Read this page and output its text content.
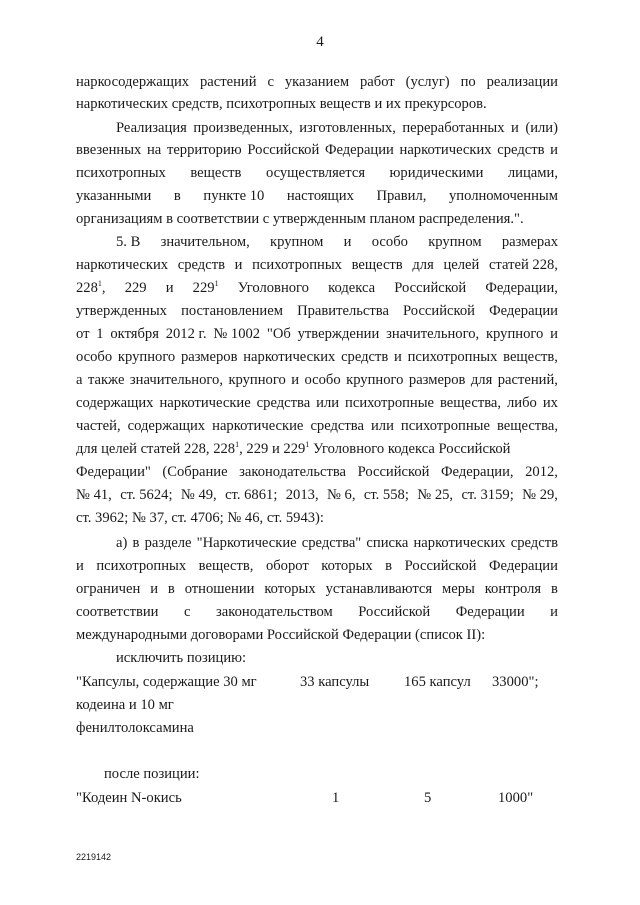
4
наркосодержащих растений с указанием работ (услуг) по реализации
наркотических средств, психотропных веществ и их прекурсоров.
Реализация произведенных, изготовленных, переработанных и (или)
ввезенных на территорию Российской Федерации наркотических средств и
психотропных веществ осуществляется юридическими лицами,
указанными в пункте 10 настоящих Правил, уполномоченным
организациям в соответствии с утвержденным планом распределения.".
5. В значительном, крупном и особо крупном размерах
наркотических средств и психотропных веществ для целей статей 228,
$228^1$, 229 и $229^1$ Уголовного кодекса Российской Федерации,
утвержденных постановлением Правительства Российской Федерации
от 1 октября 2012 г. № 1002 "Об утверждении значительного, крупного и
особо крупного размеров наркотических средств и психотропных веществ,
а также значительного, крупного и особо крупного размеров для растений,
содержащих наркотические средства или психотропные вещества, либо их
частей, содержащих наркотические средства или психотропные вещества,
для целей статей 228, $228^1$, 229 и $229^1$ Уголовного кодекса Российской
Федерации" (Собрание законодательства Российской Федерации, 2012,
№ 41, ст. 5624; № 49, ст. 6861; 2013, № 6, ст. 558; № 25, ст. 3159; № 29,
ст. 3962; № 37, ст. 4706; № 46, ст. 5943):
а) в разделе "Наркотические средства" списка наркотических средств
и психотропных веществ, оборот которых в Российской Федерации
ограничен и в отношении которых устанавливаются меры контроля в
соответствии с законодательством Российской Федерации и
международными договорами Российской Федерации (список II):
исключить позицию:
"Капсулы, содержащие 30 мг
кодеина и 10 мг
фенилтолоксамина
33 капсулы 165 капсул 33000";
после позиции:
"Кодеин N-окись	1	5	1000"
2219142
